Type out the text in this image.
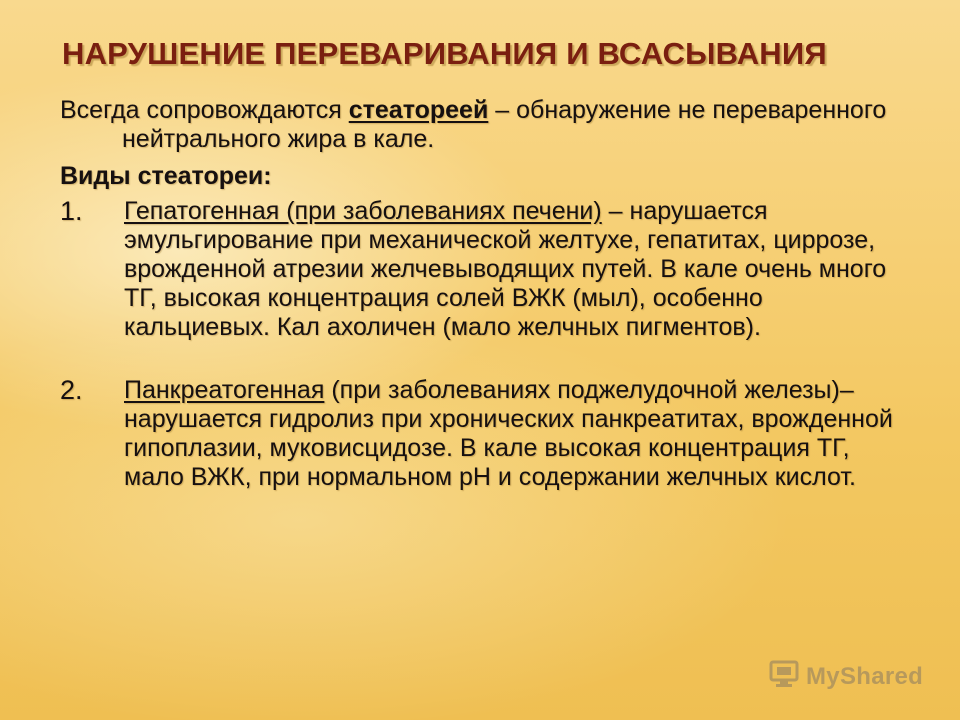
НАРУШЕНИЕ ПЕРЕВАРИВАНИЯ И ВСАСЫВАНИЯ

Всегда сопровождаются стеатореей – обнаружение не переваренного нейтрального жира в кале.

Виды стеатореи:
1.	Гепатогенная (при заболеваниях печени) – нарушается эмульгирование при механической желтухе, гепатитах, циррозе, врожденной атрезии желчевыводящих путей. В кале очень много ТГ, высокая концентрация солей ВЖК (мыл), особенно кальциевых. Кал ахоличен (мало желчных пигментов).
2.	Панкреатогенная (при заболеваниях поджелудочной железы)– нарушается гидролиз при хронических панкреатитах, врожденной гипоплазии, муковисцидозе. В кале высокая концентрация ТГ, мало ВЖК, при нормальном pH и содержании желчных кислот.
MyShared
